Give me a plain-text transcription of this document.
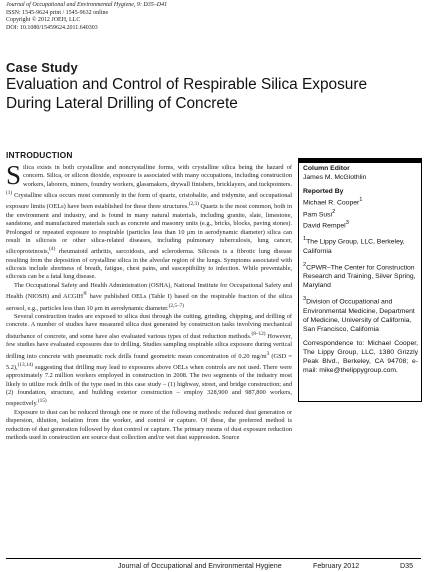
Journal of Occupational and Environmental Hygiene, 9: D35–D41
ISSN: 1545-9624 print / 1545-9632 online
Copyright © 2012 JOEH, LLC
DOI: 10.1080/15459624.2011.640303
Case Study
Evaluation and Control of Respirable Silica Exposure During Lateral Drilling of Concrete
INTRODUCTION

Silica exists in both crystalline and noncrystalline forms, with crystalline silica being the hazard of concern. Silica, or silicon dioxide, exposure is associated with many occupations, including construction workers, laborers, miners, foundry workers, glassmakers, drywall finishers, bricklayers, and tuckpointers.$^{(1)}$ Crystalline silica occurs most commonly in the form of quartz, cristobalite, and tridymite, and occupational exposure limits (OELs) have been established for these three structures.$^{(2,3)}$ Quartz is the most common, both in the environment and industry, and is found in many natural materials, including granite, slate, limestone, sandstone, and manufactured materials such as concrete and masonry units (e.g., bricks, blocks, paving stones). Prolonged or repeated exposure to respirable (particles less than 10 μm in aerodynamic diameter) silica can result in silicosis or other silica-related diseases, including pulmonary tuberculosis, lung cancer, silicoproteinosis,$^{(4)}$ rheumatoid arthritis, sarcoidosis, and scleroderma. Silicosis is a fibrotic lung disease resulting from the deposition of crystalline silica in the alveolar region of the lungs. Symptoms associated with silicosis include shortness of breath, fatigue, chest pains, and susceptibility to infection. While preventable, silicosis can be a fatal lung disease.

The Occupational Safety and Health Administration (OSHA), National Institute for Occupational Safety and Health (NIOSH) and ACGIH® have published OELs (Table I) based on the respirable fraction of the silica aerosol, e.g., particles less than 10 μm in aerodynamic diameter.$^{(2,5-7)}$

Several construction trades are exposed to silica dust through the cutting, grinding, chipping, and drilling of concrete. A number of studies have measured silica dust generated by construction tasks involving mechanical disturbance of concrete, and some have also evaluated various types of dust reduction methods.$^{(8-12)}$ However, few studies have evaluated exposures due to drilling. Studies sampling respirable silica exposure during vertical drilling into concrete with pneumatic rock drills found geometric mean concentration of 0.20 $mg/m^3$ (GSD = 5.2),$^{(13,14)}$ suggesting that drilling may lead to exposures above OELs when controls are not used. There were approximately 7.2 million workers employed in construction in 2008. The two segments of the industry most likely to utilize rock drills of the type used in this case study – (1) highway, street, and bridge construction; and (2) foundation, structure, and building exterior construction – employ 328,900 and 987,800 workers, respectively.$^{(15)}$

Exposure to dust can be reduced through one or more of the following methods: reduced dust generation or dispersion, dilution, isolation from the worker, and control or capture. Of these, the preferred method is reduction of dust generation followed by dust control or capture. The primary means of dust exposure reduction methods used in construction are source dust collection and/or wet dust suppression. Source

Column Editor
James M. McGlothlin
Reported By
Michael R. Cooper$^1$
Pam Susi$^2$
David Rempel$^3$
$^1$The Lippy Group, LLC, Berkeley, California
$^2$CPWR–The Center for Construction Research and Training, Silver Spring, Maryland
$^3$Division of Occupational and Environmental Medicine, Department of Medicine, University of California, San Francisco, California
Correspondence to: Michael Cooper, The Lippy Group, LLC, 1380 Grizzly Peak Blvd., Berkeley, CA 94708; e-mail: mike@thelippygroup.com.
Journal of Occupational and Environmental Hygiene	February 2012	D35
